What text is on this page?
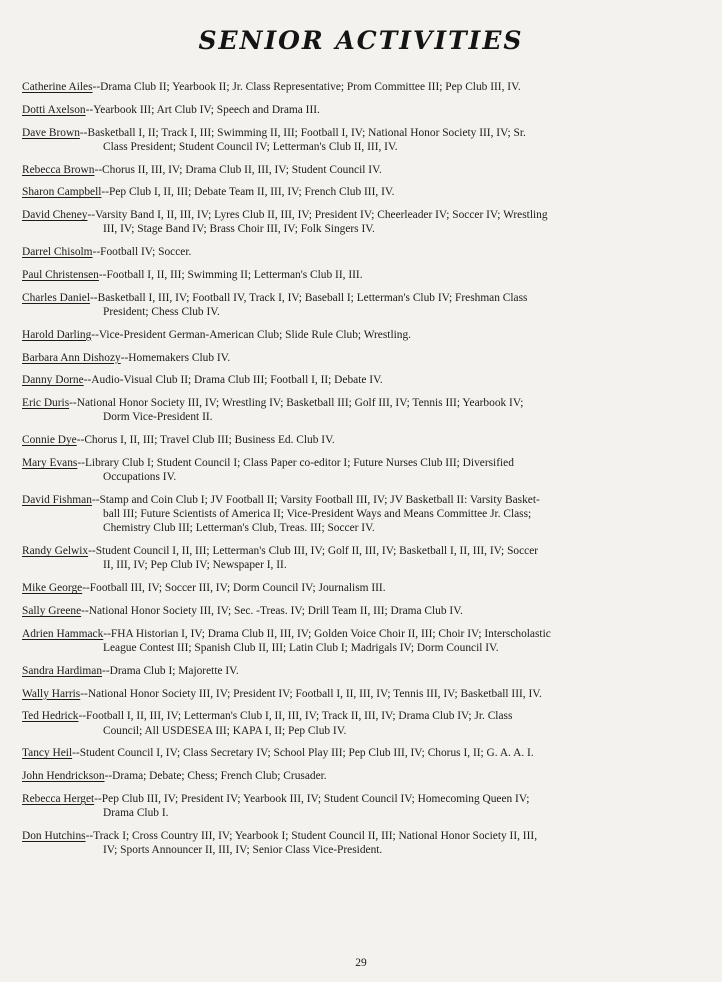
SENIOR ACTIVITIES
Catherine Ailes--Drama Club II; Yearbook II; Jr. Class Representative; Prom Committee III; Pep Club III, IV.
Dotti Axelson--Yearbook III; Art Club IV; Speech and Drama III.
Dave Brown--Basketball I, II; Track I, III; Swimming II, III; Football I, IV; National Honor Society III, IV; Sr.
Class President; Student Council IV; Letterman's Club II, III, IV.
Rebecca Brown--Chorus II, III, IV; Drama Club II, III, IV; Student Council IV.
Sharon Campbell--Pep Club I, II, III; Debate Team II, III, IV; French Club III, IV.
David Cheney--Varsity Band I, II, III, IV; Lyres Club II, III, IV; President IV; Cheerleader IV; Soccer IV; Wrestling
III, IV; Stage Band IV; Brass Choir III, IV; Folk Singers IV.
Darrel Chisolm--Football IV; Soccer.
Paul Christensen--Football I, II, III; Swimming II; Letterman's Club II, III.
Charles Daniel--Basketball I, III, IV; Football IV, Track I, IV; Baseball I; Letterman's Club IV; Freshman Class
President; Chess Club IV.
Harold Darling--Vice-President German-American Club; Slide Rule Club; Wrestling.
Barbara Ann Dishozy--Homemakers Club IV.
Danny Dorne--Audio-Visual Club II; Drama Club III; Football I, II; Debate IV.
Eric Duris--National Honor Society III, IV; Wrestling IV; Basketball III; Golf III, IV; Tennis III; Yearbook IV;
Dorm Vice-President II.
Connie Dye--Chorus I, II, III; Travel Club III; Business Ed. Club IV.
Mary Evans--Library Club I; Student Council I; Class Paper co-editor I; Future Nurses Club III; Diversified
Occupations IV.
David Fishman--Stamp and Coin Club I; JV Football II; Varsity Football III, IV; JV Basketball II: Varsity Basket-
ball III; Future Scientists of America II; Vice-President Ways and Means Committee Jr. Class;
Chemistry Club III; Letterman's Club, Treas. III; Soccer IV.
Randy Gelwix--Student Council I, II, III; Letterman's Club III, IV; Golf II, III, IV; Basketball I, II, III, IV; Soccer
II, III, IV; Pep Club IV; Newspaper I, II.
Mike George--Football III, IV; Soccer III, IV; Dorm Council IV; Journalism III.
Sally Greene--National Honor Society III, IV; Sec. -Treas. IV; Drill Team II, III; Drama Club IV.
Adrien Hammack--FHA Historian I, IV; Drama Club II, III, IV; Golden Voice Choir II, III; Choir IV; Interscholastic
League Contest III; Spanish Club II, III; Latin Club I; Madrigals IV; Dorm Council IV.
Sandra Hardiman--Drama Club I; Majorette IV.
Wally Harris--National Honor Society III, IV; President IV; Football I, II, III, IV; Tennis III, IV; Basketball III, IV.
Ted Hedrick--Football I, II, III, IV; Letterman's Club I, II, III, IV; Track II, III, IV; Drama Club IV; Jr. Class
Council; All USDESEA III; KAPA I, II; Pep Club IV.
Tancy Heil--Student Council I, IV; Class Secretary IV; School Play III; Pep Club III, IV; Chorus I, II; G. A. A. I.
John Hendrickson--Drama; Debate; Chess; French Club; Crusader.
Rebecca Herget--Pep Club III, IV; President IV; Yearbook III, IV; Student Council IV; Homecoming Queen IV;
Drama Club I.
Don Hutchins--Track I; Cross Country III, IV; Yearbook I; Student Council II, III; National Honor Society II, III,
IV; Sports Announcer II, III, IV; Senior Class Vice-President.
29
